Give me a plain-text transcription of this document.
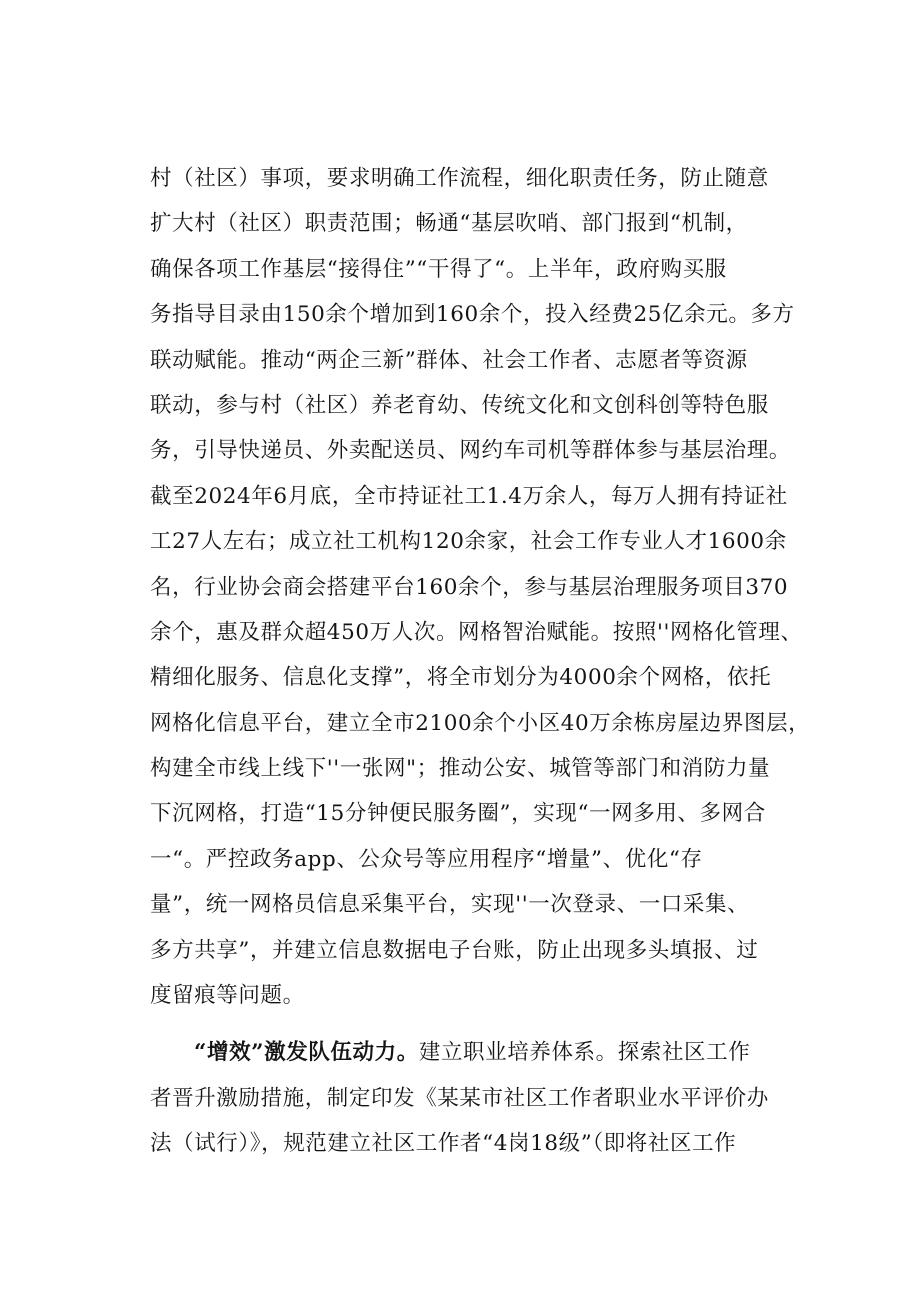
村（社区）事项，要求明确工作流程，细化职责任务，防止随意
扩大村（社区）职责范围；畅通“基层吹哨、部门报到“机制，
确保各项工作基层“接得住”“干得了“。上半年，政府购买服
务指导目录由150余个增加到160余个，投入经费25亿余元。多方
联动赋能。推动“两企三新”群体、社会工作者、志愿者等资源
联动，参与村（社区）养老育幼、传统文化和文创科创等特色服
务，引导快递员、外卖配送员、网约车司机等群体参与基层治理。
截至2024年6月底，全市持证社工1.4万余人，每万人拥有持证社
工27人左右；成立社工机构120余家，社会工作专业人才1600余
名，行业协会商会搭建平台160余个，参与基层治理服务项目370
余个，惠及群众超450万人次。网格智治赋能。按照''网格化管理、
精细化服务、信息化支撑”，将全市划分为4000余个网格，依托
网格化信息平台，建立全市2100余个小区40万余栋房屋边界图层，
构建全市线上线下''一张网"；推动公安、城管等部门和消防力量
下沉网格，打造“15分钟便民服务圈”，实现“一网多用、多网合
一“。严控政务app、公众号等应用程序“增量”、优化“存
量”，统一网格员信息采集平台，实现''一次登录、一口采集、
多方共享”，并建立信息数据电子台账，防止出现多头填报、过
度留痕等问题。
“增效”激发队伍动力。建立职业培养体系。探索社区工作
者晋升激励措施，制定印发《某某市社区工作者职业水平评价办
法（试行）》，规范建立社区工作者“4岗18级”（即将社区工作
